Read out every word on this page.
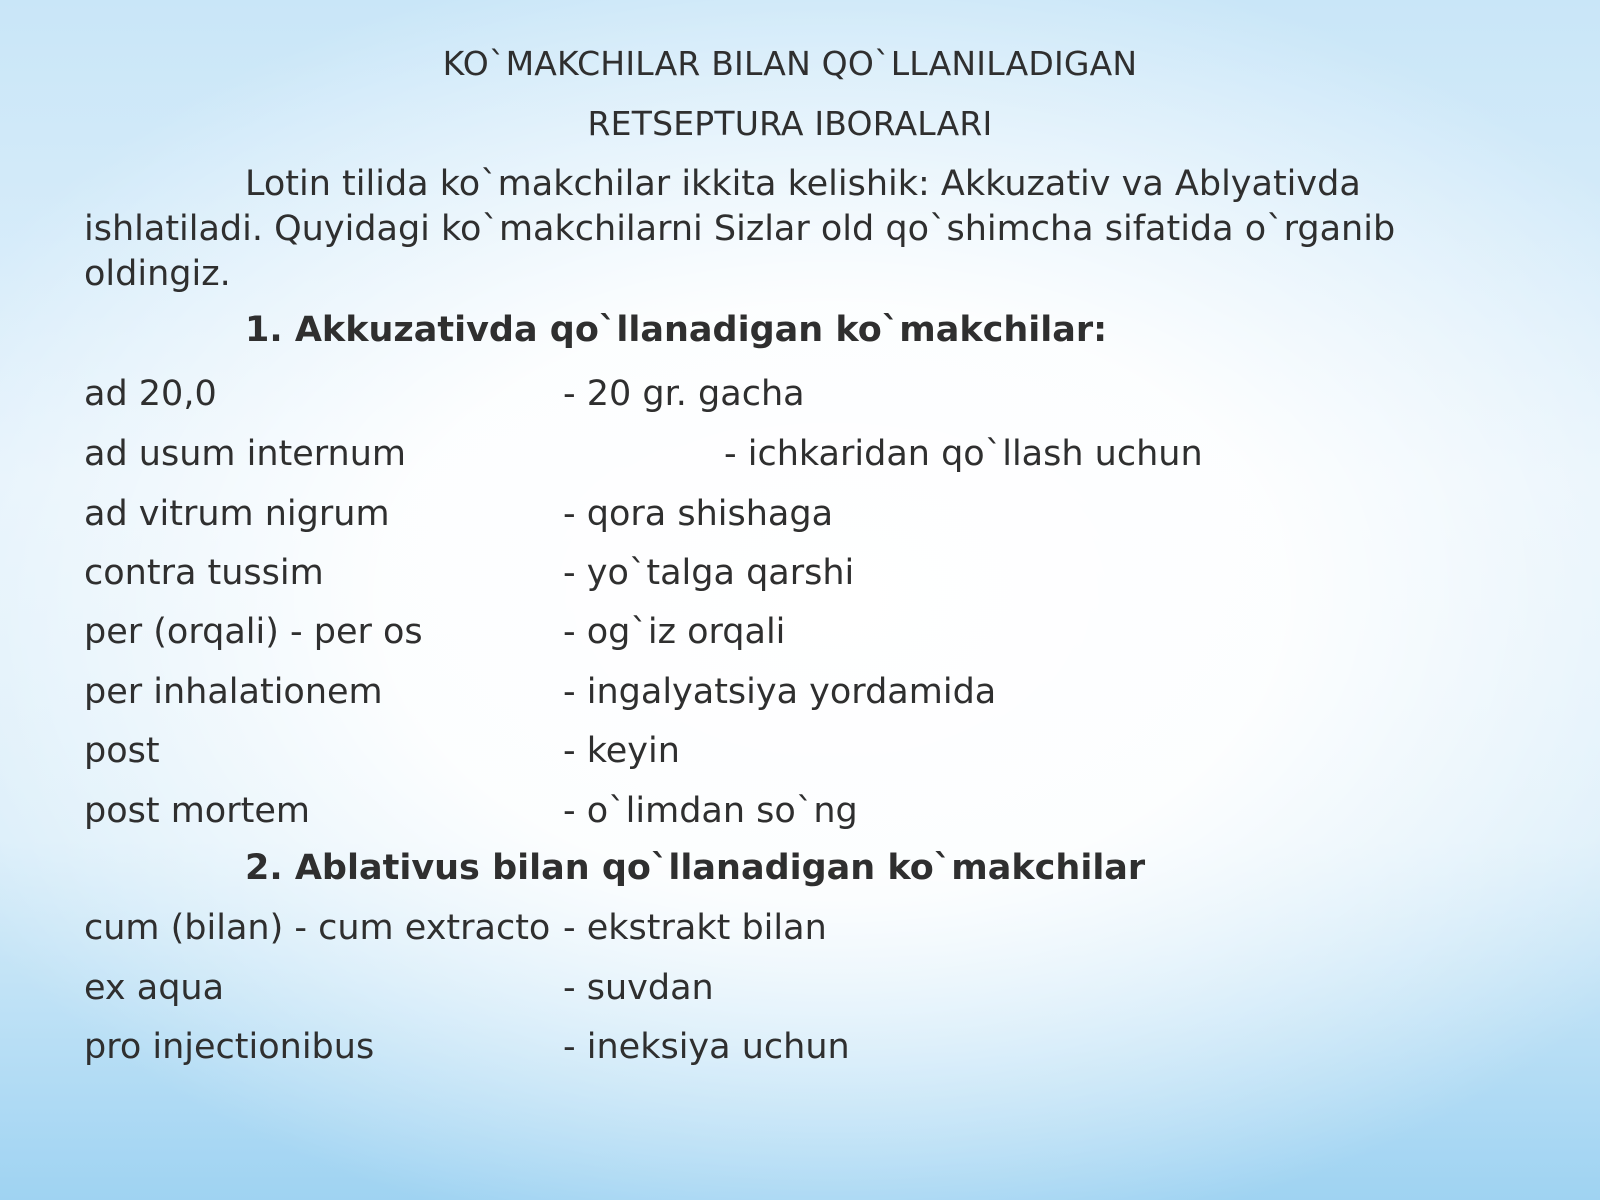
KO`MAKCHILAR BILAN QO`LLANILADIGAN
RETSEPTURA IBORALARI
Lotin tilida ko`makchilar ikkita kelishik: Akkuzativ va Ablyativda ishlatiladi. Quyidagi ko`makchilarni Sizlar old qo`shimcha sifatida o`rganib oldingiz.
1. Akkuzativda qo`llanadigan ko`makchilar:
ad 20,0	- 20 gr. gacha
ad usum internum	- ichkaridan qo`llash uchun
ad vitrum nigrum	- qora shishaga
contra tussim	- yo`talga qarshi
per (orqali) - per os	- og`iz orqali
per inhalationem	- ingalyatsiya yordamida
post	- keyin
post mortem	- o`limdan so`ng
2. Ablativus bilan qo`llanadigan ko`makchilar
cum (bilan) - cum extracto - ekstrakt bilan
ex aqua	- suvdan
pro injectionibus	- ineksiya uchun
